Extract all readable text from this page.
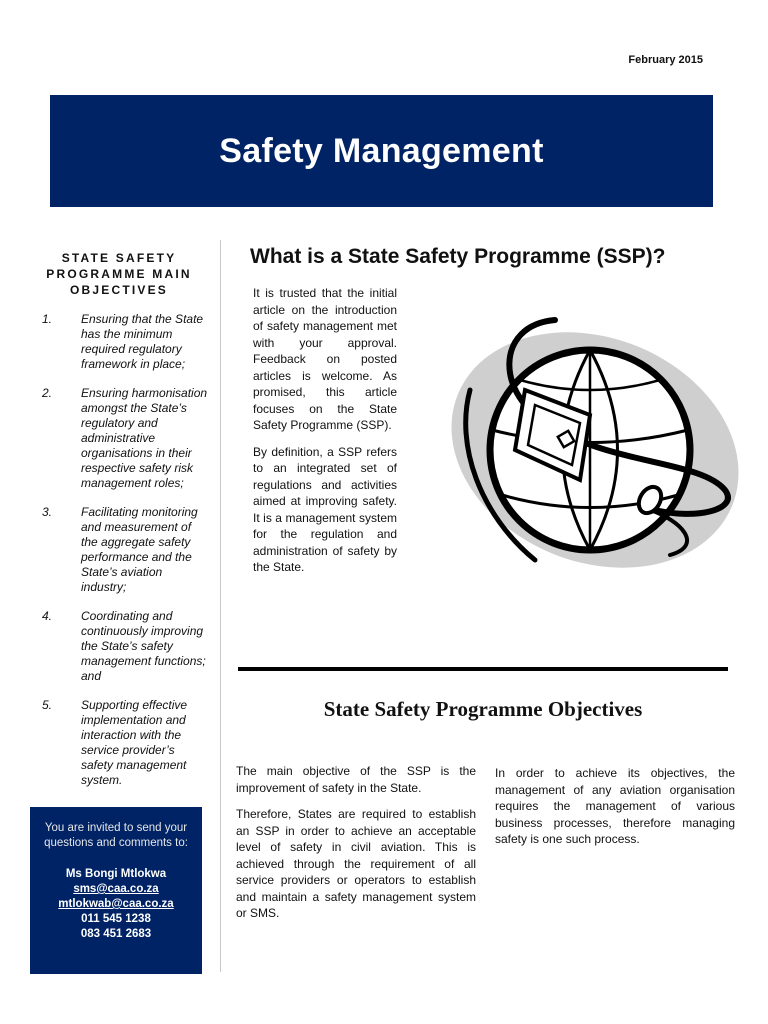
February 2015
Safety Management
STATE SAFETY
PROGRAMME MAIN
OBJECTIVES
1.	Ensuring that the State has the minimum required regulatory framework in place;
2.	Ensuring harmonisation amongst the State’s regulatory and administrative organisations in their respective safety risk management roles;
3.	Facilitating monitoring and measurement of the aggregate safety performance and the State’s aviation industry;
4.	Coordinating and continuously improving the State’s safety management functions; and
5.	Supporting effective implementation and interaction with the service provider’s safety management system.
You are invited to send your questions and comments to:
Ms Bongi Mtlokwa
sms@caa.co.za
mtlokwab@caa.co.za
011 545 1238
083 451 2683
What is a State Safety Programme (SSP)?

It is trusted that the initial article on the introduction of safety management met with your approval. Feedback on posted articles is welcome. As promised, this article focuses on the State Safety Programme (SSP).

By definition, a SSP refers to an integrated set of regulations and activities aimed at improving safety. It is a management system for the regulation and administration of safety by the State.

State Safety Programme Objectives

The main objective of the SSP is the improvement of safety in the State.

Therefore, States are required to establish an SSP in order to achieve an acceptable level of safety in civil aviation. This is achieved through the requirement of all service providers or operators to establish and maintain a safety management system or SMS.

In order to achieve its objectives, the management of any aviation organisation requires the management of various business processes, therefore managing safety is one such process.
